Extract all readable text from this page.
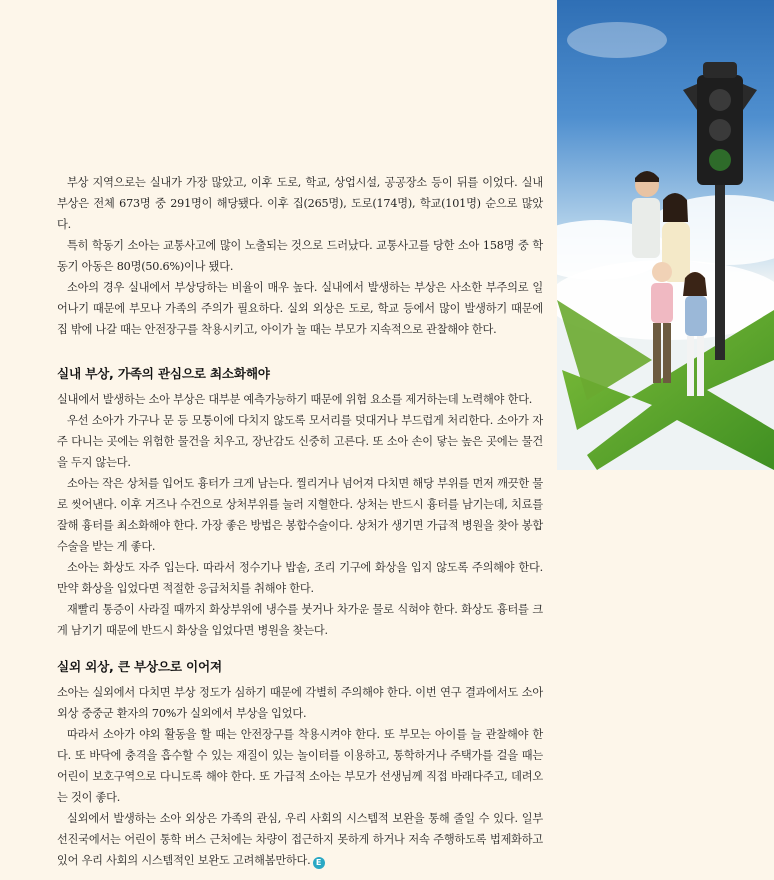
부상 지역으로는 실내가 가장 많았고, 이후 도로, 학교, 상업시설, 공공장소 등이 뒤를 이었다. 실내 부상은 전체 673명 중 291명이 해당됐다. 이후 집(265명), 도로(174명), 학교(101명) 순으로 많았다.

특히 학동기 소아는 교통사고에 많이 노출되는 것으로 드러났다. 교통사고를 당한 소아 158명 중 학동기 아동은 80명(50.6%)이나 됐다.

소아의 경우 실내에서 부상당하는 비율이 매우 높다. 실내에서 발생하는 부상은 사소한 부주의로 일어나기 때문에 부모나 가족의 주의가 필요하다. 실외 외상은 도로, 학교 등에서 많이 발생하기 때문에 집 밖에 나갈 때는 안전장구를 착용시키고, 아이가 놀 때는 부모가 지속적으로 관찰해야 한다.

실내 부상, 가족의 관심으로 최소화해야

실내에서 발생하는 소아 부상은 대부분 예측가능하기 때문에 위험 요소를 제거하는데 노력해야 한다.

우선 소아가 가구나 문 등 모퉁이에 다치지 않도록 모서리를 덧대거나 부드럽게 처리한다. 소아가 자주 다니는 곳에는 위험한 물건을 치우고, 장난감도 신중히 고른다. 또 소아 손이 닿는 높은 곳에는 물건을 두지 않는다.

소아는 작은 상처를 입어도 흉터가 크게 남는다. 찔리거나 넘어져 다치면 해당 부위를 먼저 깨끗한 물로 씻어낸다. 이후 거즈나 수건으로 상처부위를 눌러 지혈한다. 상처는 반드시 흉터를 남기는데, 치료를 잘해 흉터를 최소화해야 한다. 가장 좋은 방법은 봉합수술이다. 상처가 생기면 가급적 병원을 찾아 봉합수술을 받는 게 좋다.

소아는 화상도 자주 입는다. 따라서 정수기나 밥솥, 조리 기구에 화상을 입지 않도록 주의해야 한다. 만약 화상을 입었다면 적절한 응급처치를 취해야 한다.

재빨리 통증이 사라질 때까지 화상부위에 냉수를 붓거나 차가운 물로 식혀야 한다. 화상도 흉터를 크게 남기기 때문에 반드시 화상을 입었다면 병원을 찾는다.

실외 외상, 큰 부상으로 이어져

소아는 실외에서 다치면 부상 정도가 심하기 때문에 각별히 주의해야 한다. 이번 연구 결과에서도 소아 외상 중중군 환자의 70%가 실외에서 부상을 입었다.

따라서 소아가 야외 활동을 할 때는 안전장구를 착용시켜야 한다. 또 부모는 아이를 늘 관찰해야 한다. 또 바닥에 충격을 흡수할 수 있는 재질이 있는 놀이터를 이용하고, 통학하거나 주택가를 걸을 때는 어린이 보호구역으로 다니도록 해야 한다. 또 가급적 소아는 부모가 선생님께 직접 바래다주고, 데려오는 것이 좋다.

실외에서 발생하는 소아 외상은 가족의 관심, 우리 사회의 시스템적 보완을 통해 줄일 수 있다. 일부 선진국에서는 어린이 통학 버스 근처에는 차량이 접근하지 못하게 하거나 저속 주행하도록 법제화하고 있어 우리 사회의 시스템적인 보완도 고려해봄만하다. E
